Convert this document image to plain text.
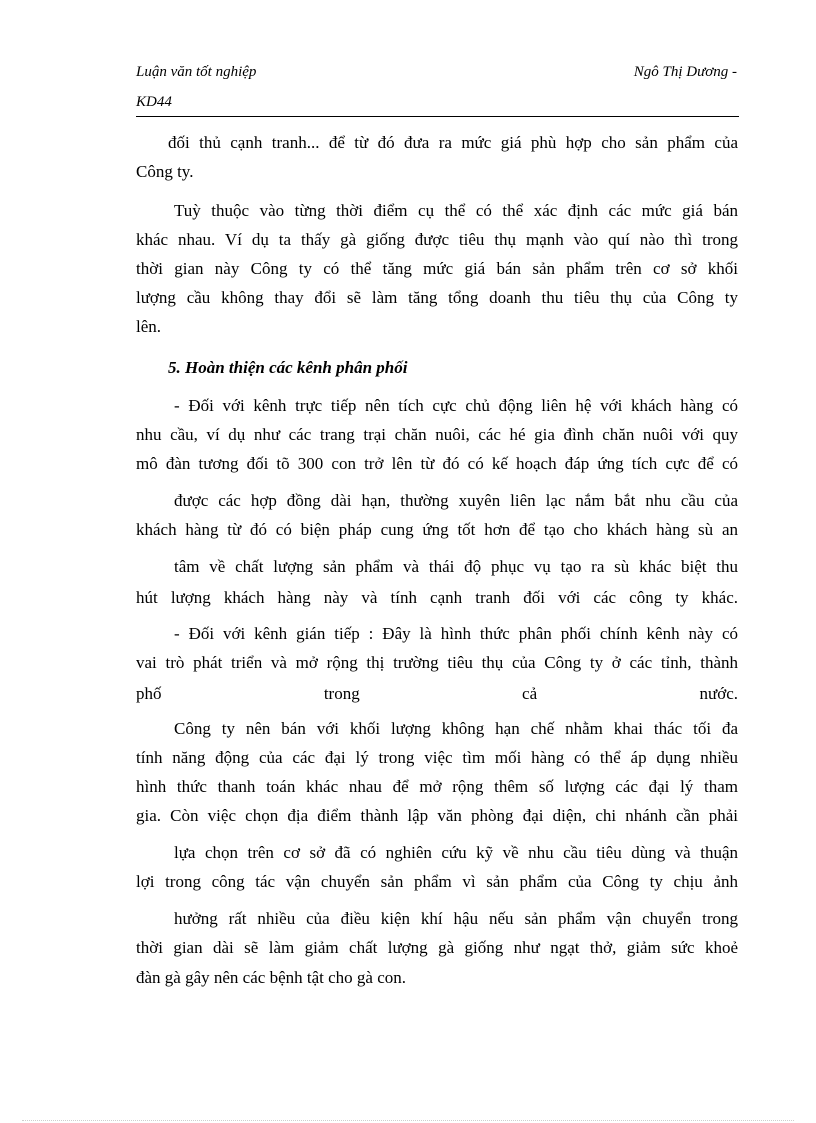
Luận văn tốt nghiệp	Ngô Thị Dương -
KD44
đối thủ cạnh tranh... để từ đó đưa ra mức giá phù hợp cho sản phẩm của
Công ty.
Tuỳ thuộc vào từng thời điểm cụ thể có thể xác định các mức giá bán
khác nhau. Ví dụ ta thấy gà giống được tiêu thụ mạnh vào quí nào thì trong
thời gian này Công ty có thể tăng mức giá bán sản phẩm trên cơ sở khối
lượng cầu không thay đổi sẽ làm tăng tổng doanh thu tiêu thụ của Công ty
lên.
5. Hoàn thiện các kênh phân phối
- Đối với kênh trực tiếp nên tích cực chủ động liên hệ với khách hàng có
nhu cầu, ví dụ như các trang trại chăn nuôi, các hé gia đình chăn nuôi với quy
mô đàn tương đối tõ 300 con trở lên từ đó có kế hoạch đáp ứng tích cực để có
được các hợp đồng dài hạn, thường xuyên liên lạc nắm bắt nhu cầu của
khách hàng từ đó có biện pháp cung ứng tốt hơn để tạo cho khách hàng sù an
tâm về chất lượng sản phẩm và thái độ phục vụ tạo ra sù khác biệt thu
hút lượng khách hàng này và tính cạnh tranh đối với các công ty khác.
- Đối với kênh gián tiếp : Đây là hình thức phân phối chính kênh này có
vai trò phát triển và mở rộng thị trường tiêu thụ của Công ty ở các tỉnh, thành
phố trong cả nước.
Công ty nên bán với khối lượng không hạn chế nhằm khai thác tối đa
tính năng động của các đại lý trong việc tìm mối hàng có thể áp dụng nhiều
hình thức thanh toán khác nhau để mở rộng thêm số lượng các đại lý tham
gia. Còn việc chọn địa điểm thành lập văn phòng đại diện, chi nhánh cần phải
lựa chọn trên cơ sở đã có nghiên cứu kỹ về nhu cầu tiêu dùng và thuận
lợi trong công tác vận chuyển sản phẩm vì sản phẩm của Công ty chịu ảnh
hưởng rất nhiều của điều kiện khí hậu nếu sản phẩm vận chuyển trong
thời gian dài sẽ làm giảm chất lượng gà giống như ngạt thở, giảm sức khoẻ
đàn gà gây nên các bệnh tật cho gà con.
